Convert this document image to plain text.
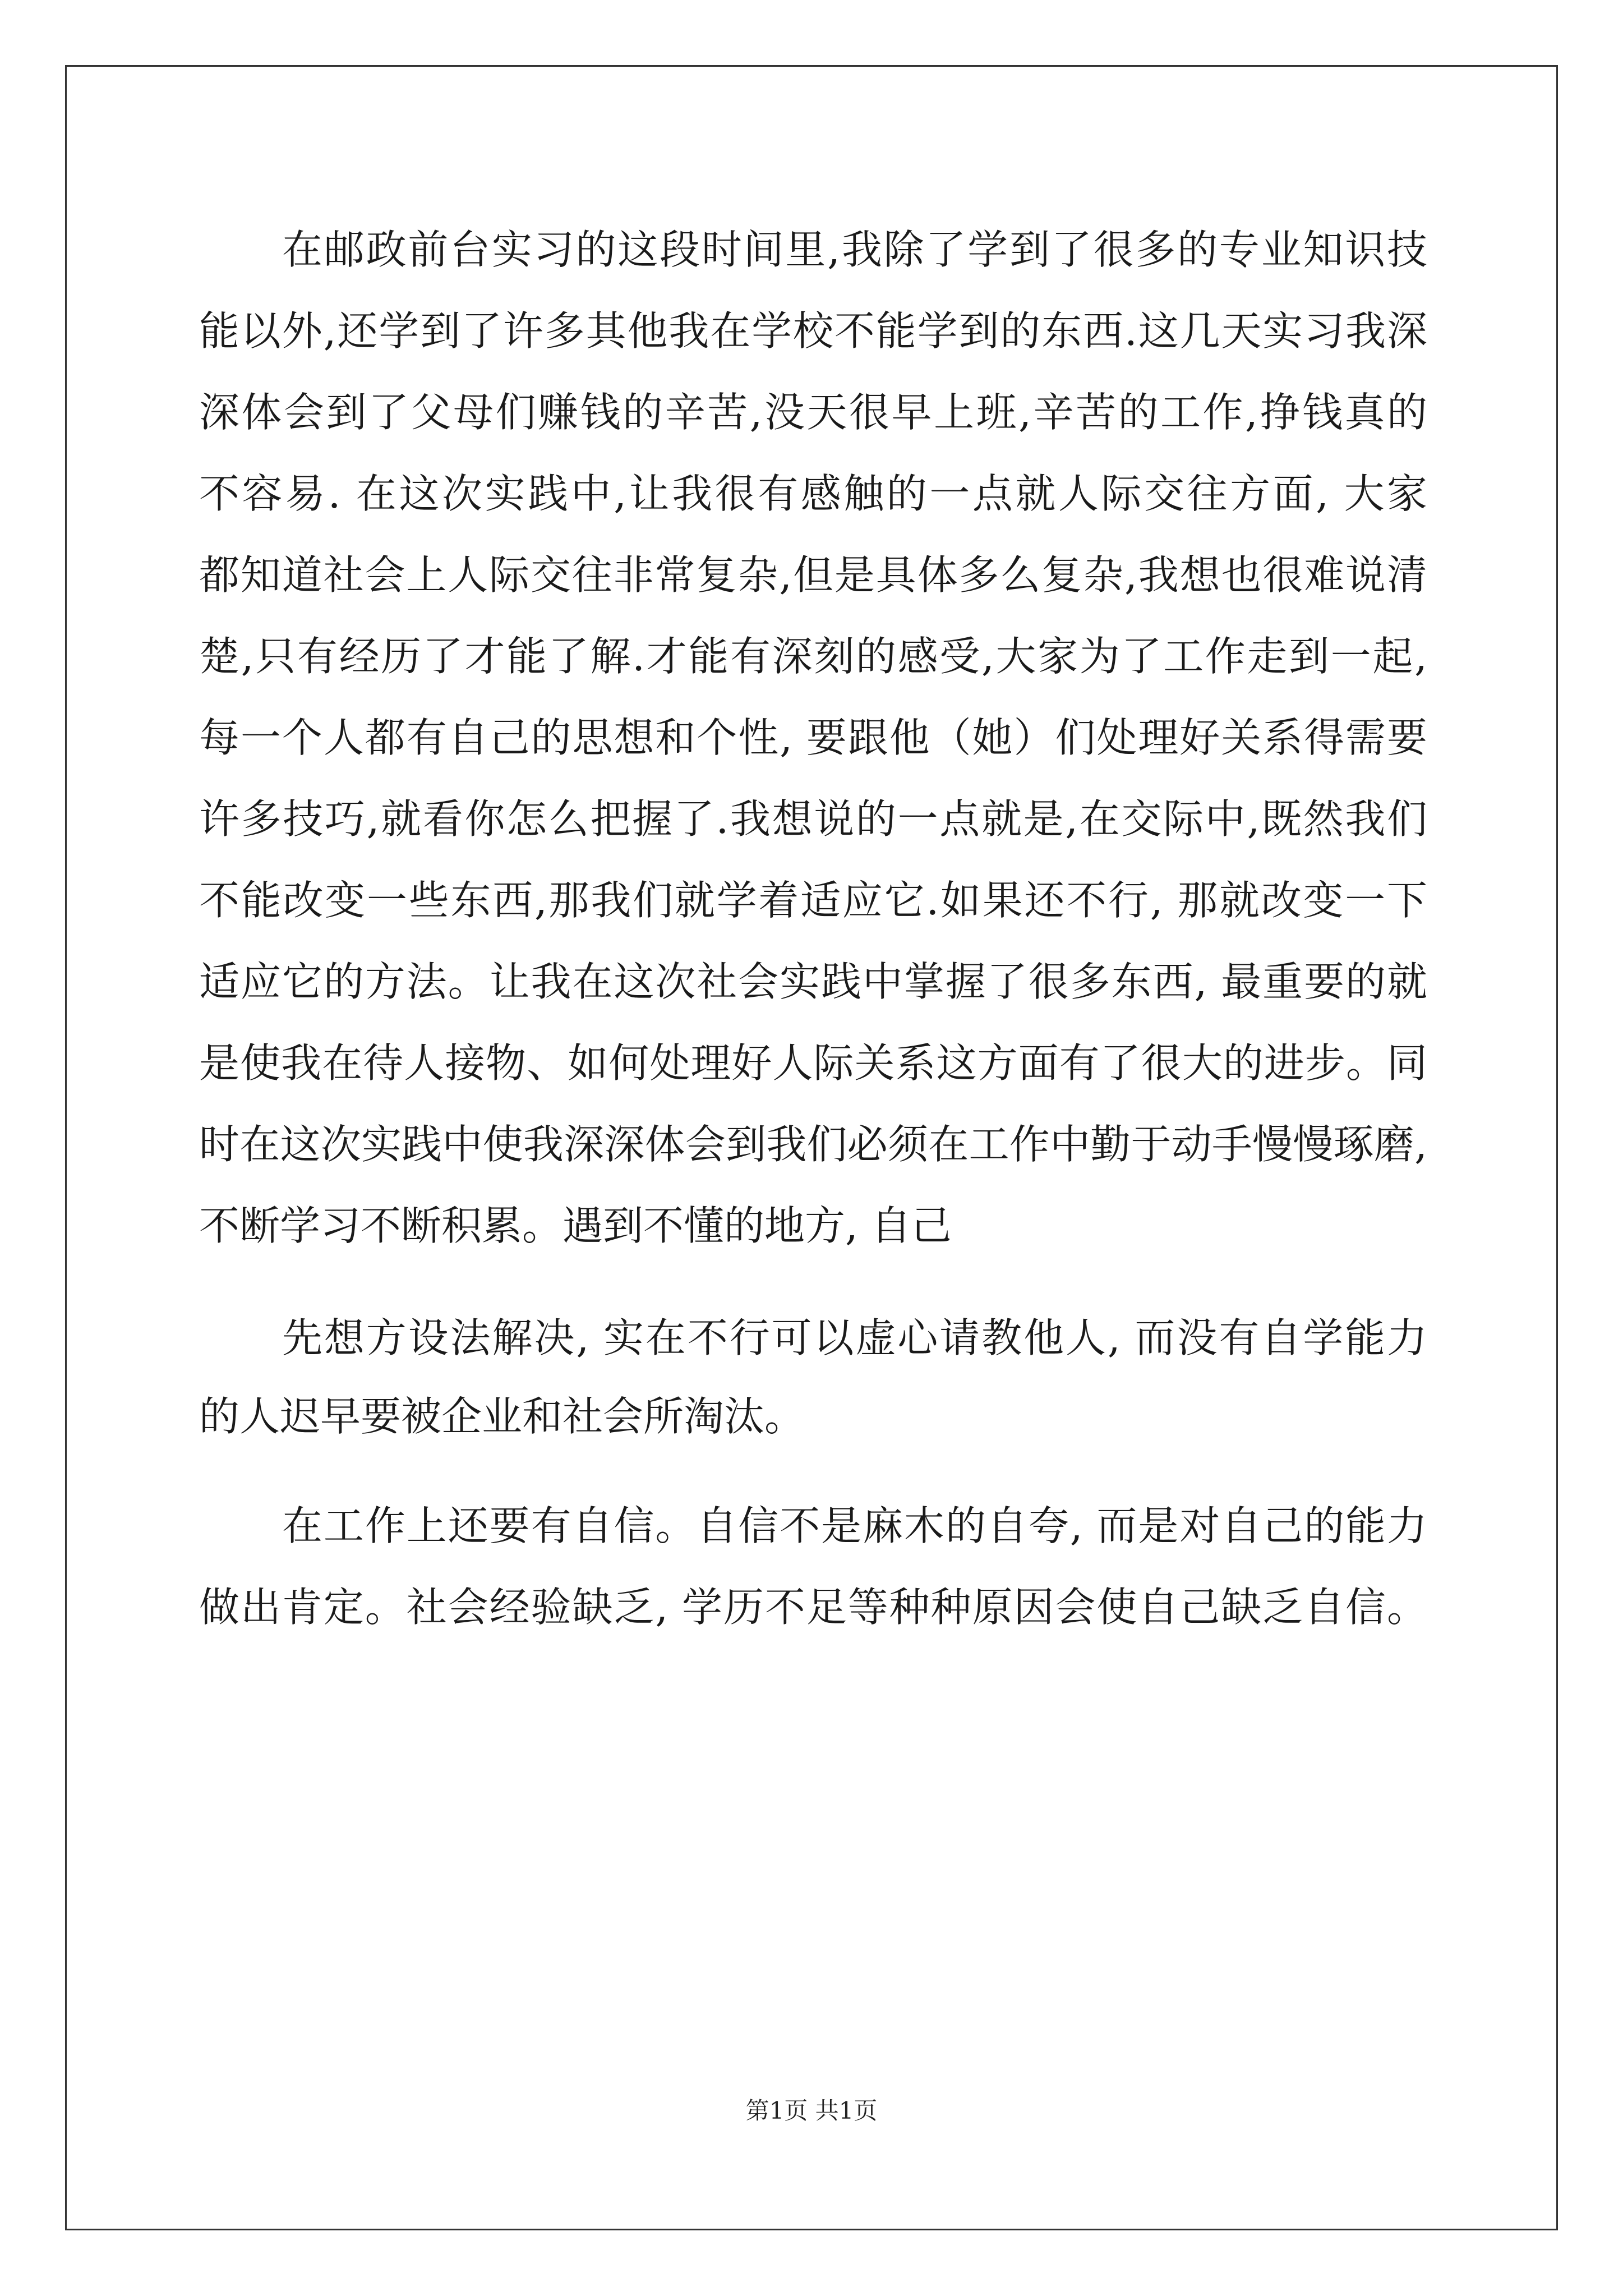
在邮政前台实习的这段时间里,我除了学到了很多的专业知识技
能以外,还学到了许多其他我在学校不能学到的东西.这几天实习我深
深体会到了父母们赚钱的辛苦,没天很早上班,辛苦的工作,挣钱真的
不容易. 在这次实践中,让我很有感触的一点就人际交往方面, 大家
都知道社会上人际交往非常复杂,但是具体多么复杂,我想也很难说清
楚,只有经历了才能了解.才能有深刻的感受,大家为了工作走到一起,
每一个人都有自己的思想和个性, 要跟他（她）们处理好关系得需要
许多技巧,就看你怎么把握了.我想说的一点就是,在交际中,既然我们
不能改变一些东西,那我们就学着适应它.如果还不行, 那就改变一下
适应它的方法。让我在这次社会实践中掌握了很多东西, 最重要的就
是使我在待人接物、如何处理好人际关系这方面有了很大的进步。同
时在这次实践中使我深深体会到我们必须在工作中勤于动手慢慢琢磨,
不断学习不断积累。遇到不懂的地方, 自己
先想方设法解决, 实在不行可以虚心请教他人, 而没有自学能力
的人迟早要被企业和社会所淘汰。
在工作上还要有自信。自信不是麻木的自夸, 而是对自己的能力
做出肯定。社会经验缺乏, 学历不足等种种原因会使自己缺乏自信。
第1页 共1页
